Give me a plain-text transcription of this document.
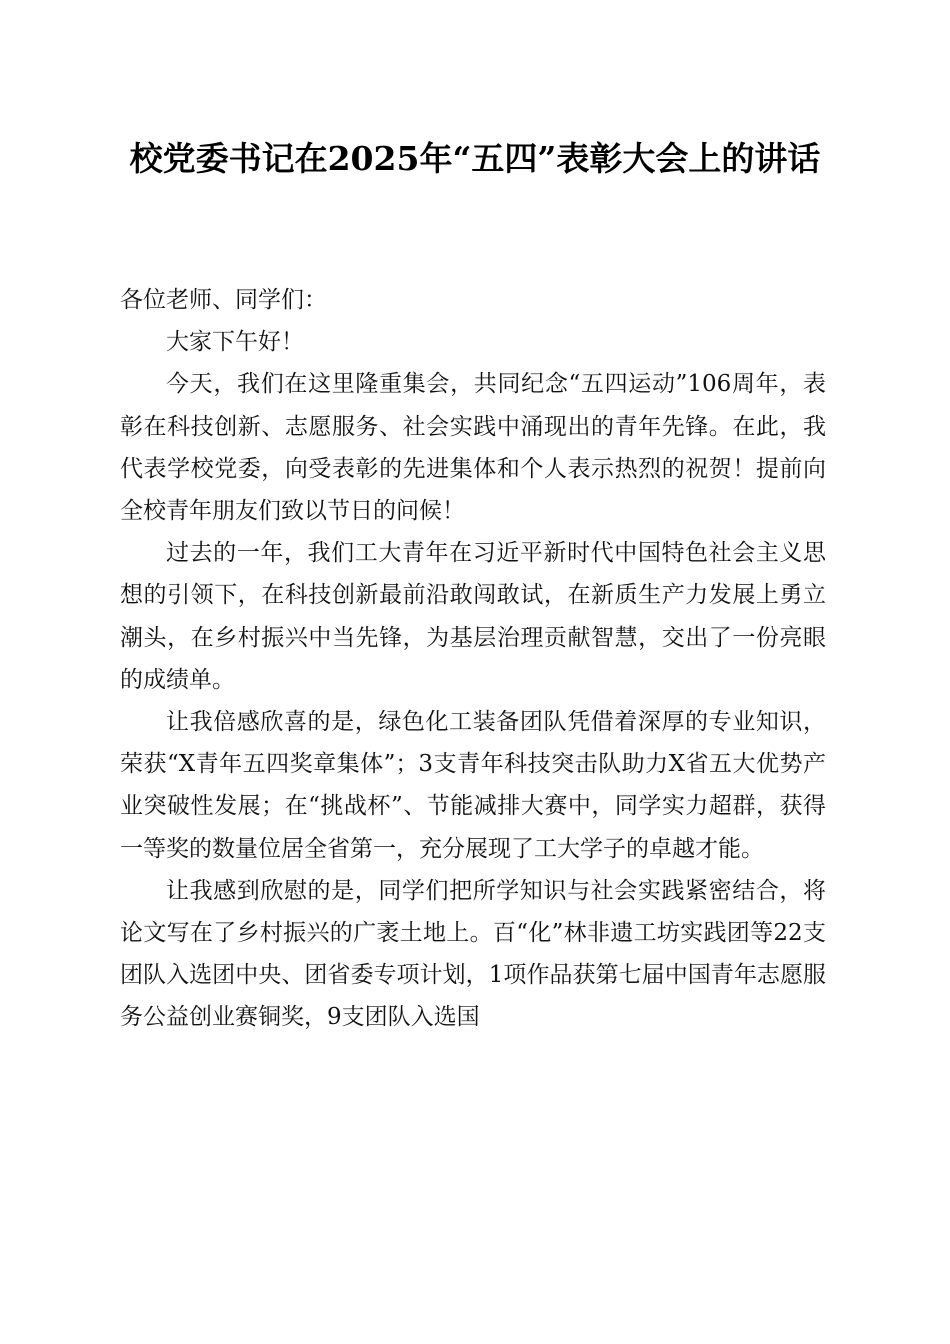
校党委书记在2025年“五四”表彰大会上的讲话

各位老师、同学们：

大家下午好！

今天，我们在这里隆重集会，共同纪念“五四运动”106周年，表彰在科技创新、志愿服务、社会实践中涌现出的青年先锋。在此，我代表学校党委，向受表彰的先进集体和个人表示热烈的祝贺！提前向全校青年朋友们致以节日的问候！

过去的一年，我们工大青年在习近平新时代中国特色社会主义思想的引领下，在科技创新最前沿敢闯敢试，在新质生产力发展上勇立潮头，在乡村振兴中当先锋，为基层治理贡献智慧，交出了一份亮眼的成绩单。

让我倍感欣喜的是，绿色化工装备团队凭借着深厚的专业知识，荣获“X青年五四奖章集体”；3支青年科技突击队助力X省五大优势产业突破性发展；在“挑战杯”、节能减排大赛中，同学实力超群，获得一等奖的数量位居全省第一，充分展现了工大学子的卓越才能。

让我感到欣慰的是，同学们把所学知识与社会实践紧密结合，将论文写在了乡村振兴的广袤土地上。百“化”林非遗工坊实践团等22支团队入选团中央、团省委专项计划，1项作品获第七届中国青年志愿服务公益创业赛铜奖，9支团队入选国
